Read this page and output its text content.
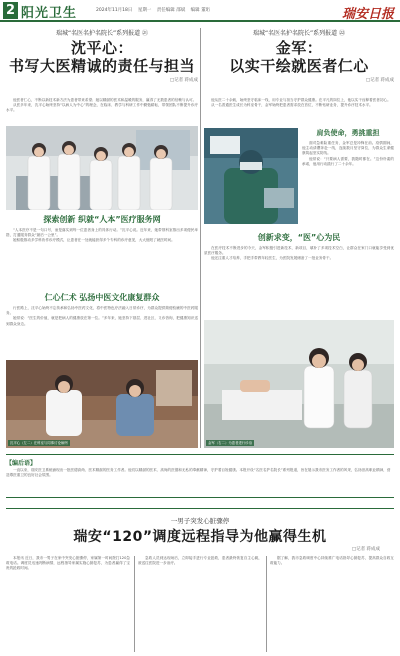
2 阳光卫生	2024年11月18日 星期一 责任编辑 邵斌 编辑 董珩	瑞安日报
瑞城“名医名护名院长”系列报道 ㉑
沈平心：
书写大医精诚的责任与担当
□记者 蒋成成

他医者仁心，不断以新技术新方法为患者带来希望；她以精湛的医术和温暖的服务，赢得了无数患者的信赖与认可。

从医多年来，沈平心始终坚持“以病人为中心”的理念，在临床、教学与科研工作中勤勉耕耘，带领团队不断提升诊疗水平。

探索创新 织就“人本”医疗服务网

“人本医疗不是一句口号，而是落实到每一位患者身上的具体行动。”沈平心说。近年来，她带领科室推出多项便民举措，打通服务群众“最后一公里”。

她积极推动多学科协作诊疗模式，让患者在一处就能获得多个专科的诊疗意见，大大缩短了就医时间。

仁心仁术 弘扬中医文化康复群众

行医路上，沈平心始终不忘传承和弘扬中医药文化，将中医特色疗法融入日常诊疗，为群众提供简便验廉的中医药服务。

她常说：“医生的价值，就是把病人的健康放在第一位。”多年来，她坚持下基层、进社区，义诊咨询，把健康知识送到群众身边。

沈平心（左二）在科室与同事讨论病例
瑞城“名医名护名院长”系列报道 ㉒
金军：
以实干绘就医者仁心
□记者 蒋成成

他从医二十余载，始终坚守临床一线，用专业与担当守护群众健康。在平凡的岗位上，他以实干诠释着医者初心。

从一名普通医生成长为科室骨干，金军始终把患者需求放在首位，不断钻研业务，提升诊疗技术水平。

肩负使命，勇挑重担

面对急难险重任务，金军总是冲锋在前。疫情期间，他主动请缨奔赴一线，连续数月坚守岗位，为群众生命健康筑起坚实防线。

他常说：“只要病人需要，我随时都在。”这份朴素的承诺，他用行动践行了二十余年。

创新求变，“医”心为民

在医疗技术不断进步的今天，金军积极引进新技术、新项目，填补了多项技术空白，让群众在家门口就能享受到优质医疗服务。

他还注重人才培养，手把手带教年轻医生，为医院发展储备了一批业务骨干。

金军（右二）为患者进行诊治
【编后语】
一直以来，瑞安医卫系统涌现出一批医德高尚、医术精湛的医务工作者。他们以精湛的医术、高尚的医德和无私的奉献精神，守护着百姓健康。本报开设“名医名护名院长”系列报道，旨在展示我市医务工作者的风采，弘扬崇高职业精神，营造尊医重卫的良好社会氛围。
一男子突发心脏骤停
瑞安“120”调度远程指导为他赢得生机
□记者 蒋成成

本报讯 近日，我市一男子在家中突发心脏骤停，家属第一时间拨打120急救电话。调度员迅速判断病情，远程指导家属实施心肺复苏，为患者赢得了宝贵的抢救时间。

急救人员到达现场后，立即接手进行专业抢救，患者最终恢复自主心跳，被送往医院进一步治疗。

据了解，我市急救调度中心持续推广电话指导心肺复苏，提高群众自救互救能力。
